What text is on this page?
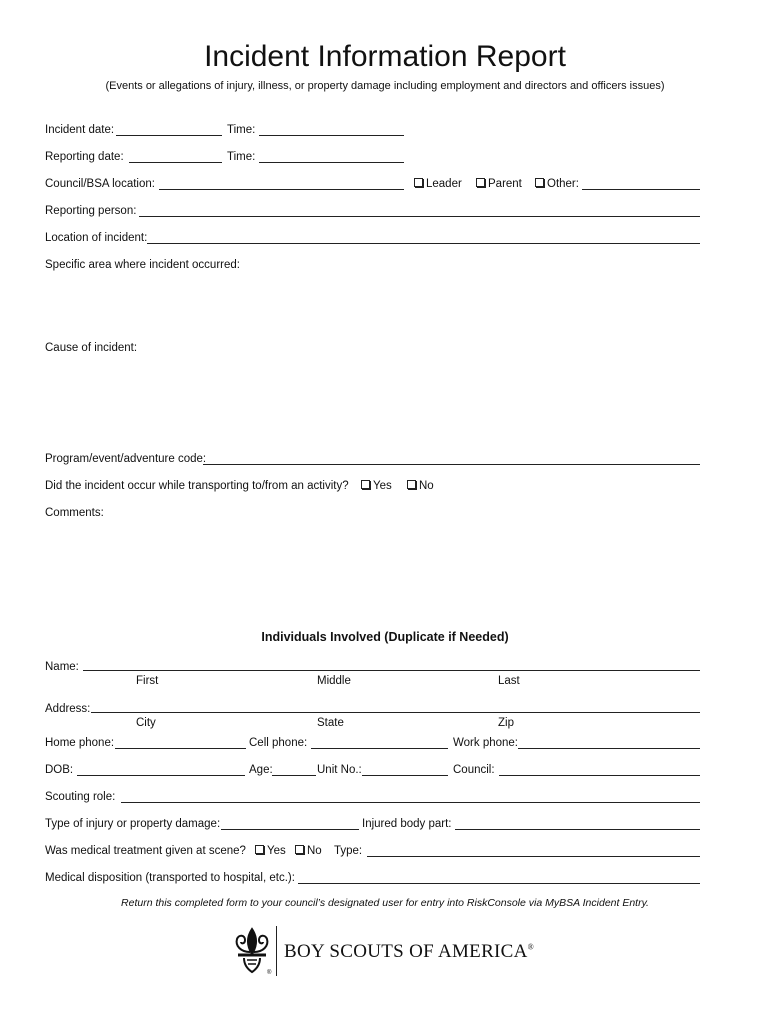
Incident Information Report
(Events or allegations of injury, illness, or property damage including employment and directors and officers issues)
Incident date:	Time:
Reporting date:	Time:
Council/BSA location:	Leader	Parent	Other:
Reporting person:
Location of incident:
Specific area where incident occurred:
Cause of incident:
Program/event/adventure code:
Did the incident occur while transporting to/from an activity?	Yes	No
Comments:
Individuals Involved (Duplicate if Needed)
Name:
First	Middle	Last
Address:
City	State	Zip
Home phone:	Cell phone:	Work phone:
DOB:	Age:	Unit No.:	Council:
Scouting role:
Type of injury or property damage:	Injured body part:
Was medical treatment given at scene?	Yes	No Type:
Medical disposition (transported to hospital, etc.):
Return this completed form to your council’s designated user for entry into RiskConsole via MyBSA Incident Entry.
®
BOY SCOUTS OF AMERICA®
